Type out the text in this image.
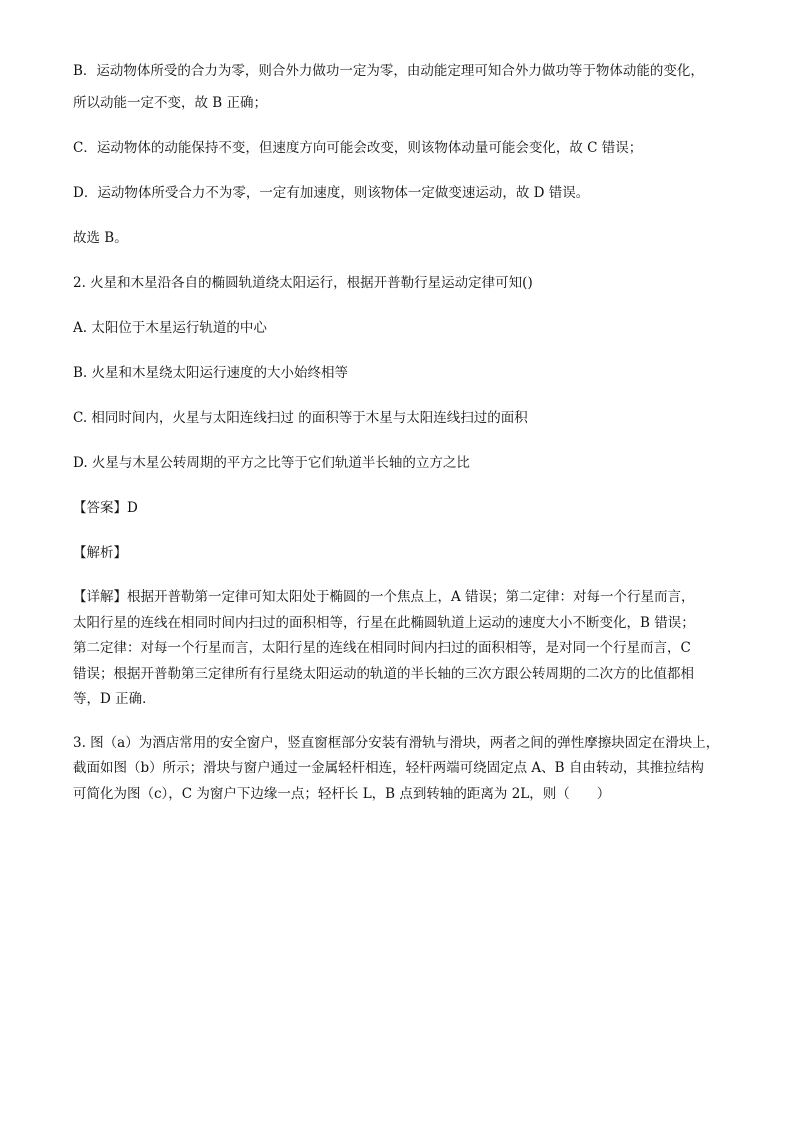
B．运动物体所受的合力为零，则合外力做功一定为零，由动能定理可知合外力做功等于物体动能的变化，

所以动能一定不变，故 B 正确；

C．运动物体的动能保持不变，但速度方向可能会改变，则该物体动量可能会变化，故 C 错误；

D．运动物体所受合力不为零，一定有加速度，则该物体一定做变速运动，故 D 错误。

故选 B。

2. 火星和木星沿各自的椭圆轨道绕太阳运行，根据开普勒行星运动定律可知()

A. 太阳位于木星运行轨道的中心

B. 火星和木星绕太阳运行速度的大小始终相等

C. 相同时间内，火星与太阳连线扫过 的面积等于木星与太阳连线扫过的面积

D. 火星与木星公转周期的平方之比等于它们轨道半长轴的立方之比

【答案】D

【解析】

【详解】根据开普勒第一定律可知太阳处于椭圆的一个焦点上，A 错误；第二定律：对每一个行星而言，

太阳行星的连线在相同时间内扫过的面积相等，行星在此椭圆轨道上运动的速度大小不断变化，B 错误；

第二定律：对每一个行星而言，太阳行星的连线在相同时间内扫过的面积相等，是对同一个行星而言，C

错误；根据开普勒第三定律所有行星绕太阳运动的轨道的半长轴的三次方跟公转周期的二次方的比值都相

等，D 正确．

3. 图（a）为酒店常用的安全窗户，竖直窗框部分安装有滑轨与滑块，两者之间的弹性摩擦块固定在滑块上，

截面如图（b）所示；滑块与窗户通过一金属轻杆相连，轻杆两端可绕固定点 A、B 自由转动，其推拉结构

可简化为图（c），C 为窗户下边缘一点；轻杆长 L，B 点到转轴的距离为 2L，则（　　）
